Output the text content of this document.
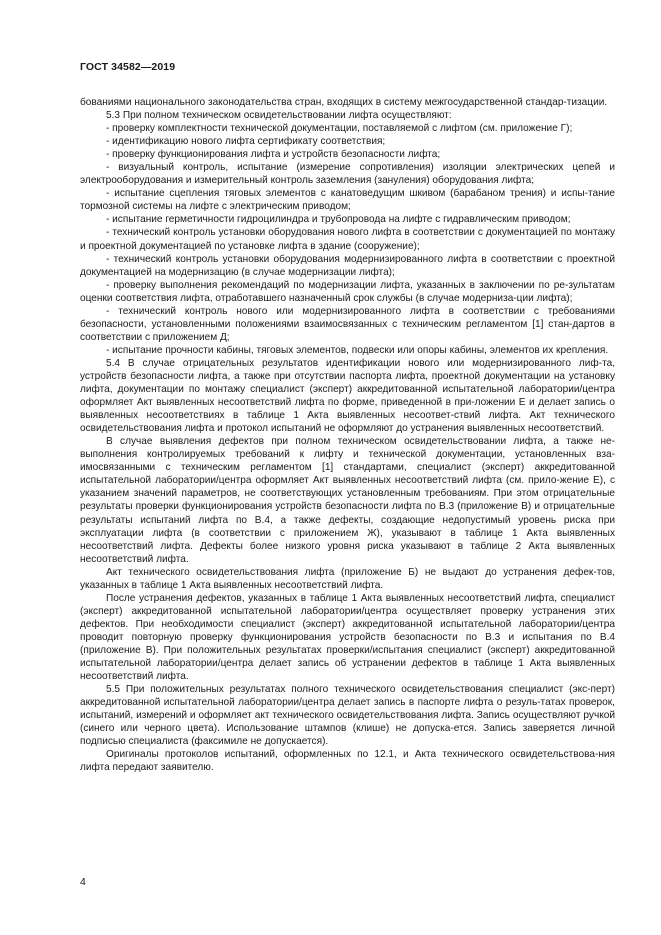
ГОСТ 34582—2019

бованиями национального законодательства стран, входящих в систему межгосударственной стандар-тизации.

5.3 При полном техническом освидетельствовании лифта осуществляют:

- проверку комплектности технической документации, поставляемой с лифтом (см. приложение Г);

- идентификацию нового лифта сертификату соответствия;

- проверку функционирования лифта и устройств безопасности лифта;

- визуальный контроль, испытание (измерение сопротивления) изоляции электрических цепей и электрооборудования и измерительный контроль заземления (зануления) оборудования лифта;

- испытание сцепления тяговых элементов с канатоведущим шкивом (барабаном трения) и испы-тание тормозной системы на лифте с электрическим приводом;

- испытание герметичности гидроцилиндра и трубопровода на лифте с гидравлическим приводом;

- технический контроль установки оборудования нового лифта в соответствии с документацией по монтажу и проектной документацией по установке лифта в здание (сооружение);

- технический контроль установки оборудования модернизированного лифта в соответствии с проектной документацией на модернизацию (в случае модернизации лифта);

- проверку выполнения рекомендаций по модернизации лифта, указанных в заключении по ре-зультатам оценки соответствия лифта, отработавшего назначенный срок службы (в случае модерниза-ции лифта);

- технический контроль нового или модернизированного лифта в соответствии с требованиями безопасности, установленными положениями взаимосвязанных с техническим регламентом [1] стан-дартов в соответствии с приложением Д;

- испытание прочности кабины, тяговых элементов, подвески или опоры кабины, элементов их крепления.

5.4 В случае отрицательных результатов идентификации нового или модернизированного лиф-та, устройств безопасности лифта, а также при отсутствии паспорта лифта, проектной документации на установку лифта, документации по монтажу специалист (эксперт) аккредитованной испытательной лаборатории/центра оформляет Акт выявленных несоответствий лифта по форме, приведенной в при-ложении Е и делает запись о выявленных несоответствиях в таблице 1 Акта выявленных несоответ-ствий лифта. Акт технического освидетельствования лифта и протокол испытаний не оформляют до устранения выявленных несоответствий.

В случае выявления дефектов при полном техническом освидетельствовании лифта, а также не-выполнения контролируемых требований к лифту и технической документации, установленных вза-имосвязанными с техническим регламентом [1] стандартами, специалист (эксперт) аккредитованной испытательной лаборатории/центра оформляет Акт выявленных несоответствий лифта (см. прило-жение Е), с указанием значений параметров, не соответствующих установленным требованиям. При этом отрицательные результаты проверки функционирования устройств безопасности лифта по В.3 (приложение В) и отрицательные результаты испытаний лифта по В.4, а также дефекты, создающие недопустимый уровень риска при эксплуатации лифта (в соответствии с приложением Ж), указывают в таблице 1 Акта выявленных несоответствий лифта. Дефекты более низкого уровня риска указывают в таблице 2 Акта выявленных несоответствий лифта.

Акт технического освидетельствования лифта (приложение Б) не выдают до устранения дефек-тов, указанных в таблице 1 Акта выявленных несоответствий лифта.

После устранения дефектов, указанных в таблице 1 Акта выявленных несоответствий лифта, специалист (эксперт) аккредитованной испытательной лаборатории/центра осуществляет проверку устранения этих дефектов. При необходимости специалист (эксперт) аккредитованной испытательной лаборатории/центра проводит повторную проверку функционирования устройств безопасности по В.3 и испытания по В.4 (приложение В). При положительных результатах проверки/испытания специалист (эксперт) аккредитованной испытательной лаборатории/центра делает запись об устранении дефектов в таблице 1 Акта выявленных несоответствий лифта.

5.5 При положительных результатах полного технического освидетельствования специалист (экс-перт) аккредитованной испытательной лаборатории/центра делает запись в паспорте лифта о резуль-татах проверок, испытаний, измерений и оформляет акт технического освидетельствования лифта. Запись осуществляют ручкой (синего или черного цвета). Использование штампов (клише) не допуска-ется. Запись заверяется личной подписью специалиста (факсимиле не допускается).

Оригиналы протоколов испытаний, оформленных по 12.1, и Акта технического освидетельствова-ния лифта передают заявителю.

4
